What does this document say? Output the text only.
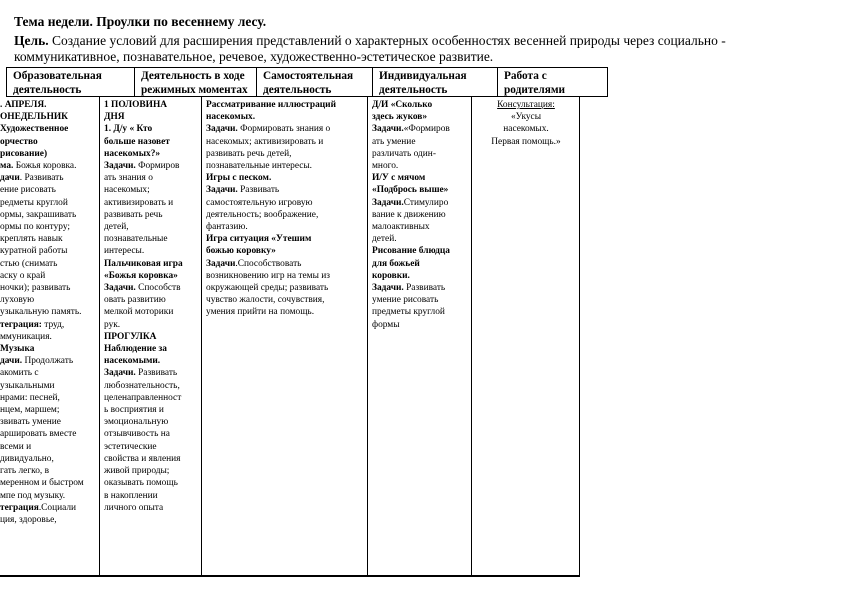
Тема недели. Проулки по весеннему лесу.
Цель. Создание условий для расширения представлений о характерных особенностях весенней природы через социально - коммуникативное, познавательное, речевое, художественно-эстетическое развитие.
Образовательная деятельность
Деятельность в ходе режимных моментах
Самостоятельная деятельность
Индивидуальная деятельность
Работа с родителями

. АПРЕЛЯ.

ОНЕДЕЛЬНИК

Художественное

орчество

рисование)

ма. Божья коровка.

дачи. Развивать

ение рисовать

редметы круглой

ормы, закрашивать

ормы по контуру;

креплять навык

куратной работы

стью (снимать

аску о край

ночки); развивать

луховую

узыкальную память.

теграция: труд,

ммуникация.

Музыка

дачи. Продолжать

акомить с

узыкальными

нрами: песней,

нцем, маршем;

звивать умение

аршировать вместе

всеми и

дивидуально,

гать легко, в

меренном и быстром

мпе под музыку.

теграция.Социали

ция, здоровье,

1 ПОЛОВИНА

ДНЯ

1. Д/у « Кто

больше назовет

насекомых?»

Задачи. Формиров

ать знания о

насекомых;

активизировать и

развивать речь

детей,

познавательные

интересы.

Пальчиковая игра

«Божья коровка»

Задачи. Способств

овать развитию

мелкой моторики

рук.

ПРОГУЛКА

Наблюдение за

насекомыми.

Задачи. Развивать

любознательность,

целенаправленност

ь восприятия и

эмоциональную

отзывчивость на

эстетические

свойства и явления

живой природы;

оказывать помощь

в накоплении

личного опыта

Рассматривание иллюстраций

насекомых.

Задачи. Формировать знания о

насекомых; активизировать и

развивать речь детей,

познавательные интересы.

Игры с песком.

Задачи. Развивать

самостоятельную игровую

деятельность; воображение,

фантазию.

Игра ситуация «Утешим

божью коровку»

Задачи.Способствовать

возникновению игр на темы из

окружающей среды; развивать

чувство жалости, сочувствия,

умения прийти на помощь.

Д/И «Сколько

здесь жуков»

Задачи.«Формиров

ать умение

различать один-

много.

И/У с мячом

«Подбрось выше»

Задачи.Стимулиро

вание к движению

малоактивных

детей.

Рисование блюдца

для божьей

коровки.

Задачи. Развивать

умение рисовать

предметы круглой

формы

Консультация:

«Укусы

насекомых.

Первая помощь.»
